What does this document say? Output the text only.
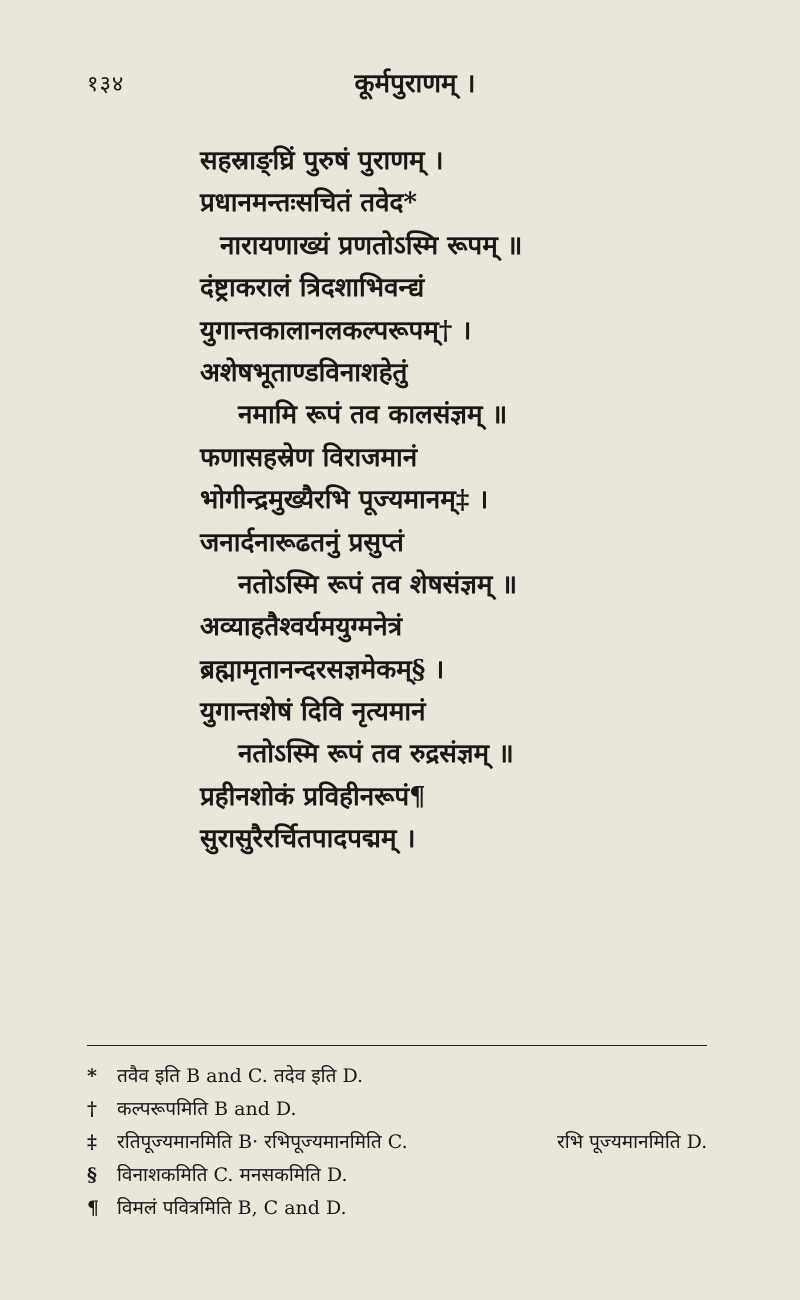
१३४	कूर्मपुराणम् ।
सहस्राङ्घ्रिं पुरुषं पुराणम् ।
प्रधानमन्तःसचितं तवेद*
नारायणाख्यं प्रणतोऽस्मि रूपम् ॥
दंष्ट्राकरालं त्रिदशाभिवन्द्यं
युगान्तकालानलकल्परूपम्† ।
अशेषभूताण्डविनाशहेतुं
नमामि रूपं तव कालसंज्ञम् ॥
फणासहस्रेण विराजमानं
भोगीन्द्रमुख्यैरभि पूज्यमानम्‡ ।
जनार्दनारूढतनुं प्रसुप्तं
नतोऽस्मि रूपं तव शेषसंज्ञम् ॥
अव्याहतैश्वर्यमयुग्मनेत्रं
ब्रह्मामृतानन्दरसज्ञमेकम्§ ।
युगान्तशेषं दिवि नृत्यमानं
नतोऽस्मि रूपं तव रुद्रसंज्ञम् ॥
प्रहीनशोकं प्रविहीनरूपं¶
सुरासुरैरर्चितपादपद्मम् ।
* तवैव इति B and C. तदेव इति D.
† कल्परूपमिति B and D.
‡ रतिपूज्यमानमिति B· रभिपूज्यमानमिति C.	रभि पूज्यमानमिति D.
§ विनाशकमिति C. मनसकमिति D.
¶ विमलं पवित्रमिति B, C and D.
